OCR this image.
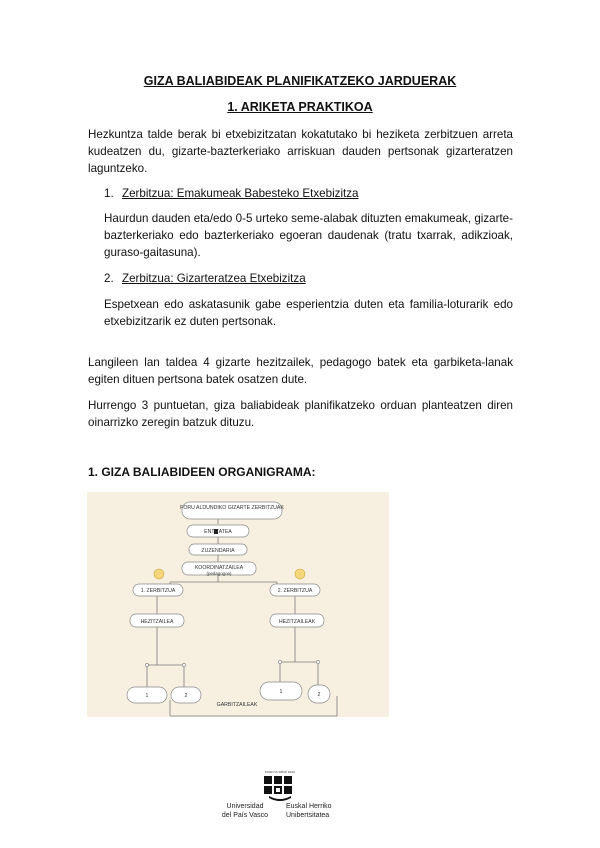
GIZA BALIABIDEAK PLANIFIKATZEKO JARDUERAK
1. ARIKETA PRAKTIKOA

Hezkuntza talde berak bi etxebizitzatan kokatutako bi heziketa zerbitzuen arreta kudeatzen du, gizarte-bazterkeriako arriskuan dauden pertsonak gizarteratzen laguntzeko.

1. Zerbitzua: Emakumeak Babesteko Etxebizitza

Haurdun dauden eta/edo 0-5 urteko seme-alabak dituzten emakumeak, gizarte-bazterkeriako edo bazterkeriako egoeran daudenak (tratu txarrak, adikzioak, guraso-gaitasuna).

2. Zerbitzua: Gizarteratzea Etxebizitza

Espetxean edo askatasunik gabe esperientzia duten eta familia-loturarik edo etxebizitzarik ez duten pertsonak.

Langileen lan taldea 4 gizarte hezitzailek, pedagogo batek eta garbiketa-lanak egiten dituen pertsona batek osatzen dute.

Hurrengo 3 puntuetan, giza baliabideak planifikatzeko orduan planteatzen diren oinarrizko zeregin batzuk dituzu.

1. GIZA BALIABIDEEN ORGANIGRAMA:
FORU ALDUNDIKO GIZARTE ZERBITZUAK
ENTITATEA
ZUZENDARIA
KOORDINATZAILEA
(pedagogoa)
1. ZERBITZUA	2. ZERBITZUA
HEZITZAILEA	HEZITZAILEAK
1	2
1	2
GARBITZAILEAK
eman ta zabal zazu
Universidad
del País Vasco
Euskal Herriko
Unibertsitatea
